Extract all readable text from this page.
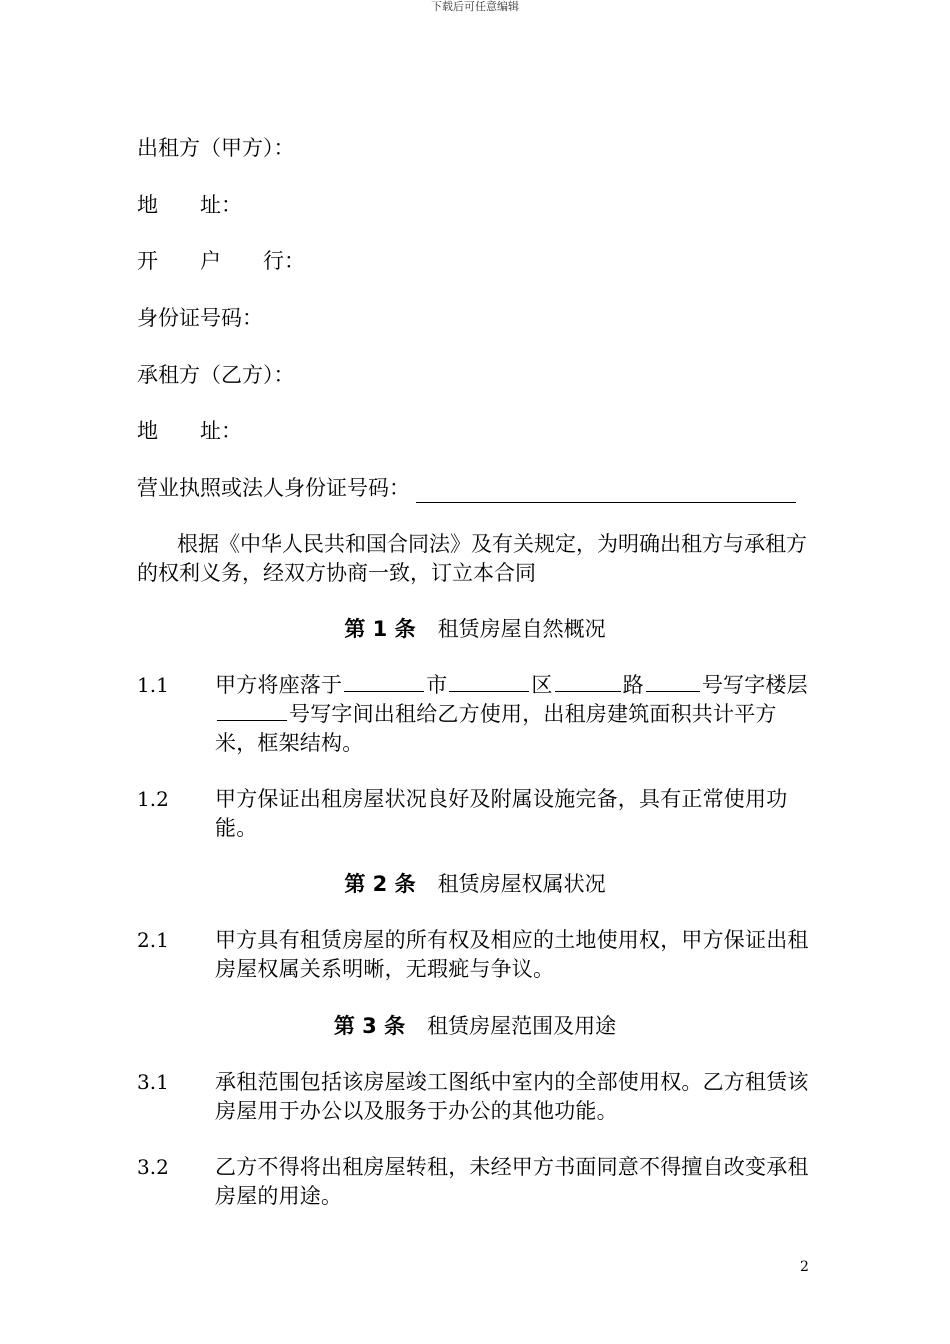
下载后可任意编辑
出租方（甲方）：
地　　址：
开　　户　　行：
身份证号码：
承租方（乙方）：
地　　址：
营业执照或法人身份证号码：
根据《中华人民共和国合同法》及有关规定，为明确出租方与承租方的权利义务，经双方协商一致，订立本合同
第 1 条 租赁房屋自然概况
1.1 甲方将座落于	市	区	路	号写字楼层号写字间出租给乙方使用，出租房建筑面积共计平方米，框架结构。
1.2 甲方保证出租房屋状况良好及附属设施完备，具有正常使用功能。
第 2 条 租赁房屋权属状况
2.1 甲方具有租赁房屋的所有权及相应的土地使用权，甲方保证出租房屋权属关系明晰，无瑕疵与争议。
第 3 条 租赁房屋范围及用途
3.1 承租范围包括该房屋竣工图纸中室内的全部使用权。乙方租赁该房屋用于办公以及服务于办公的其他功能。
3.2 乙方不得将出租房屋转租，未经甲方书面同意不得擅自改变承租房屋的用途。
2
